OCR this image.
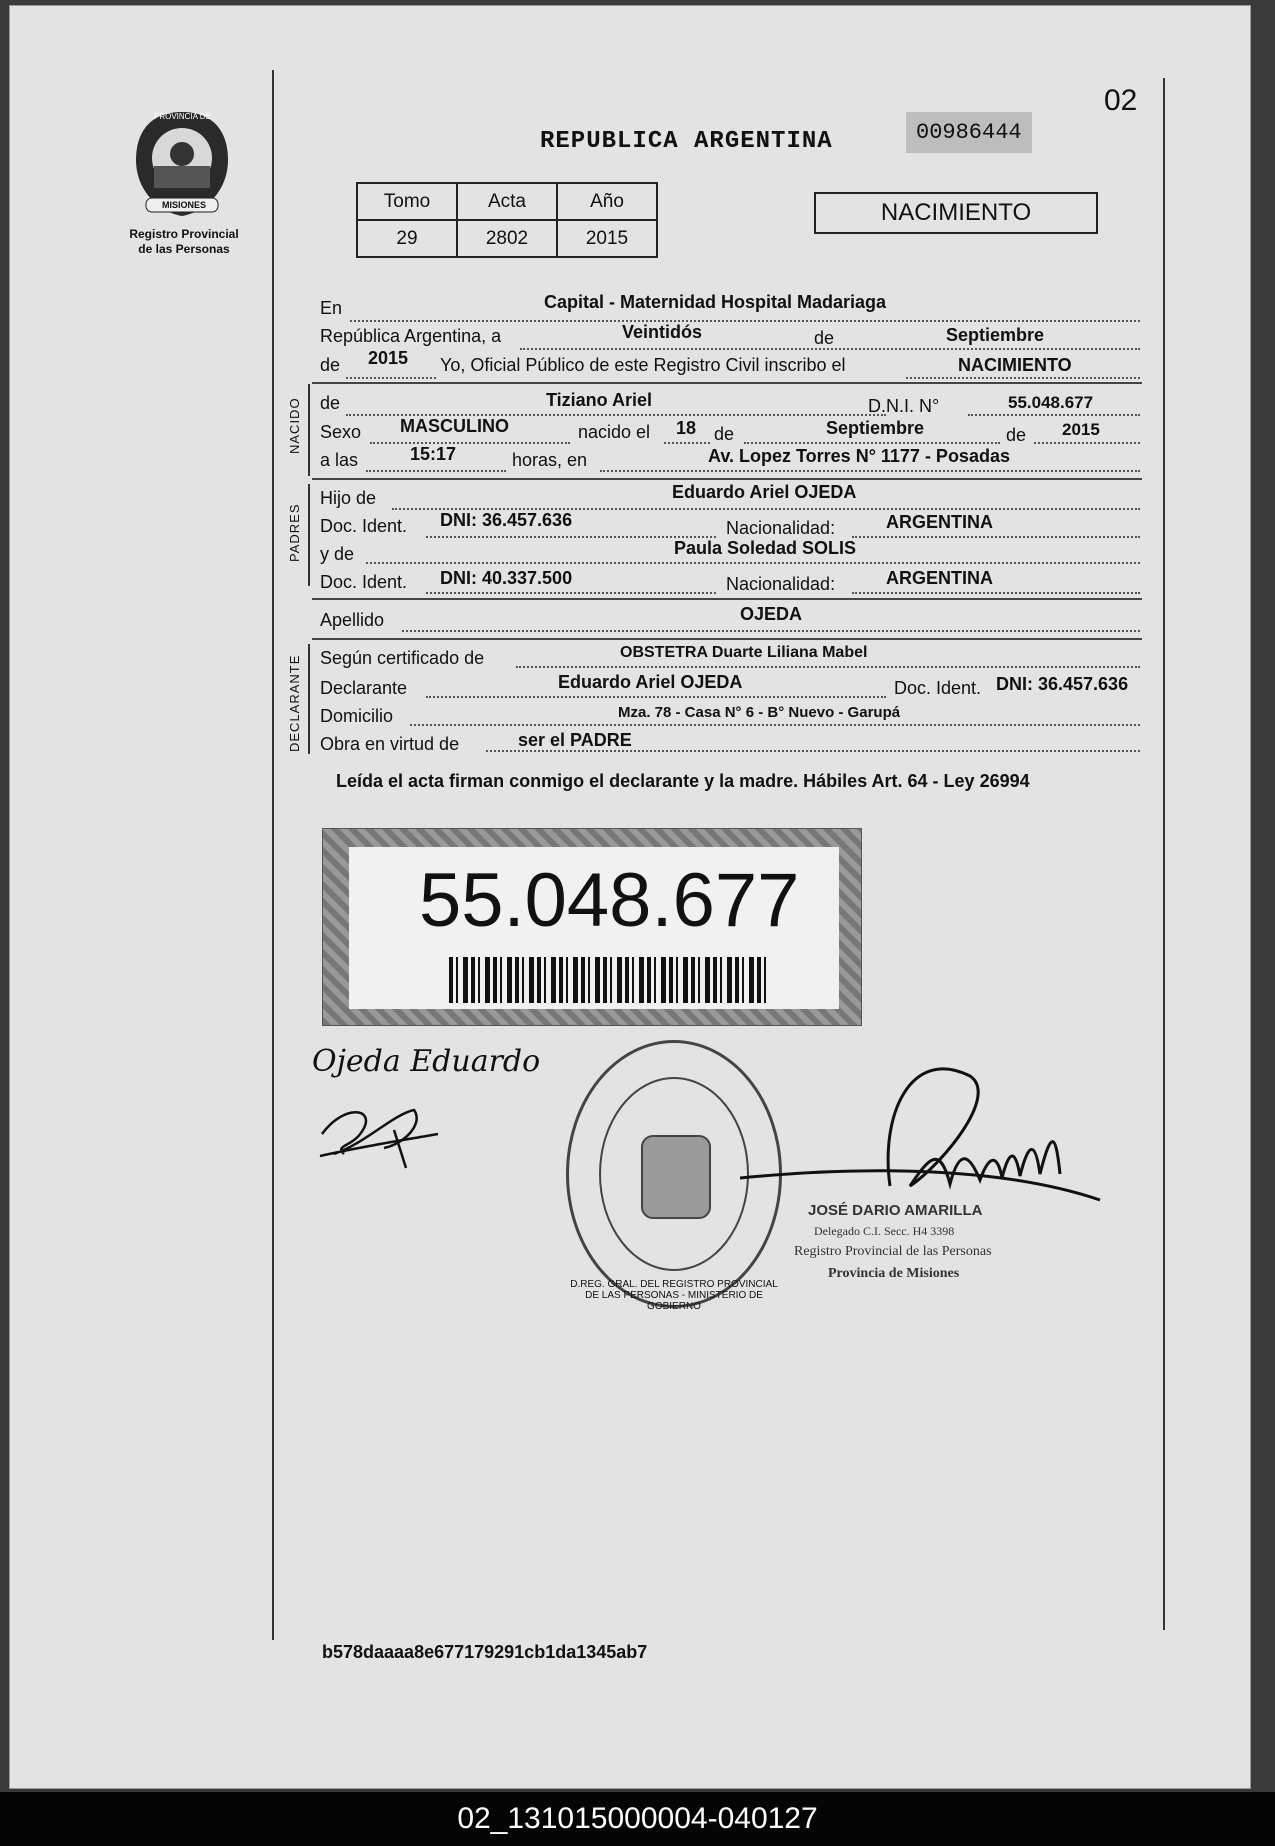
PROVINCIA DE
MISIONES
Registro Provincial
de las Personas
REPUBLICA ARGENTINA	00986444
02
Tomo	Acta	Año
29	2802	2015
NACIMIENTO
En	Capital - Maternidad Hospital Madariaga
República Argentina, a	Veintidós	de	Septiembre
de 2015 Yo, Oficial Público de este Registro Civil inscribo el	NACIMIENTO
NACIDO de	Tiziano Ariel	D.N.I. N°	55.048.677
Sexo MASCULINO	nacido el 18 de	Septiembre	de 2015
a las	15:17	horas, en	Av. Lopez Torres N° 1177 - Posadas
PADRES
Hijo de	Eduardo Ariel OJEDA
Doc. Ident. DNI: 36.457.636	Nacionalidad:	ARGENTINA
y de	Paula Soledad SOLIS
Doc. Ident. DNI: 40.337.500	Nacionalidad:	ARGENTINA
Apellido	OJEDA
DECLARANTE Según certificado de	OBSTETRA Duarte Liliana Mabel
Declarante	Eduardo Ariel OJEDA	Doc. Ident. DNI: 36.457.636
Domicilio	Mza. 78 - Casa N° 6 - B° Nuevo - Garupá
Obra en virtud de	ser el PADRE
Leída el acta firman conmigo el declarante y la madre. Hábiles Art. 64 - Ley 26994
55.048.677
Ojeda Eduardo
D.REG. GRAL. DEL REGISTRO PROVINCIAL DE LAS PERSONAS - MINISTERIO DE GOBIERNO
JOSÉ DARIO AMARILLA
Delegado C.I. Secc. H4 3398
Registro Provincial de las Personas
Provincia de Misiones
b578daaaa8e677179291cb1da1345ab7
02_131015000004-040127
